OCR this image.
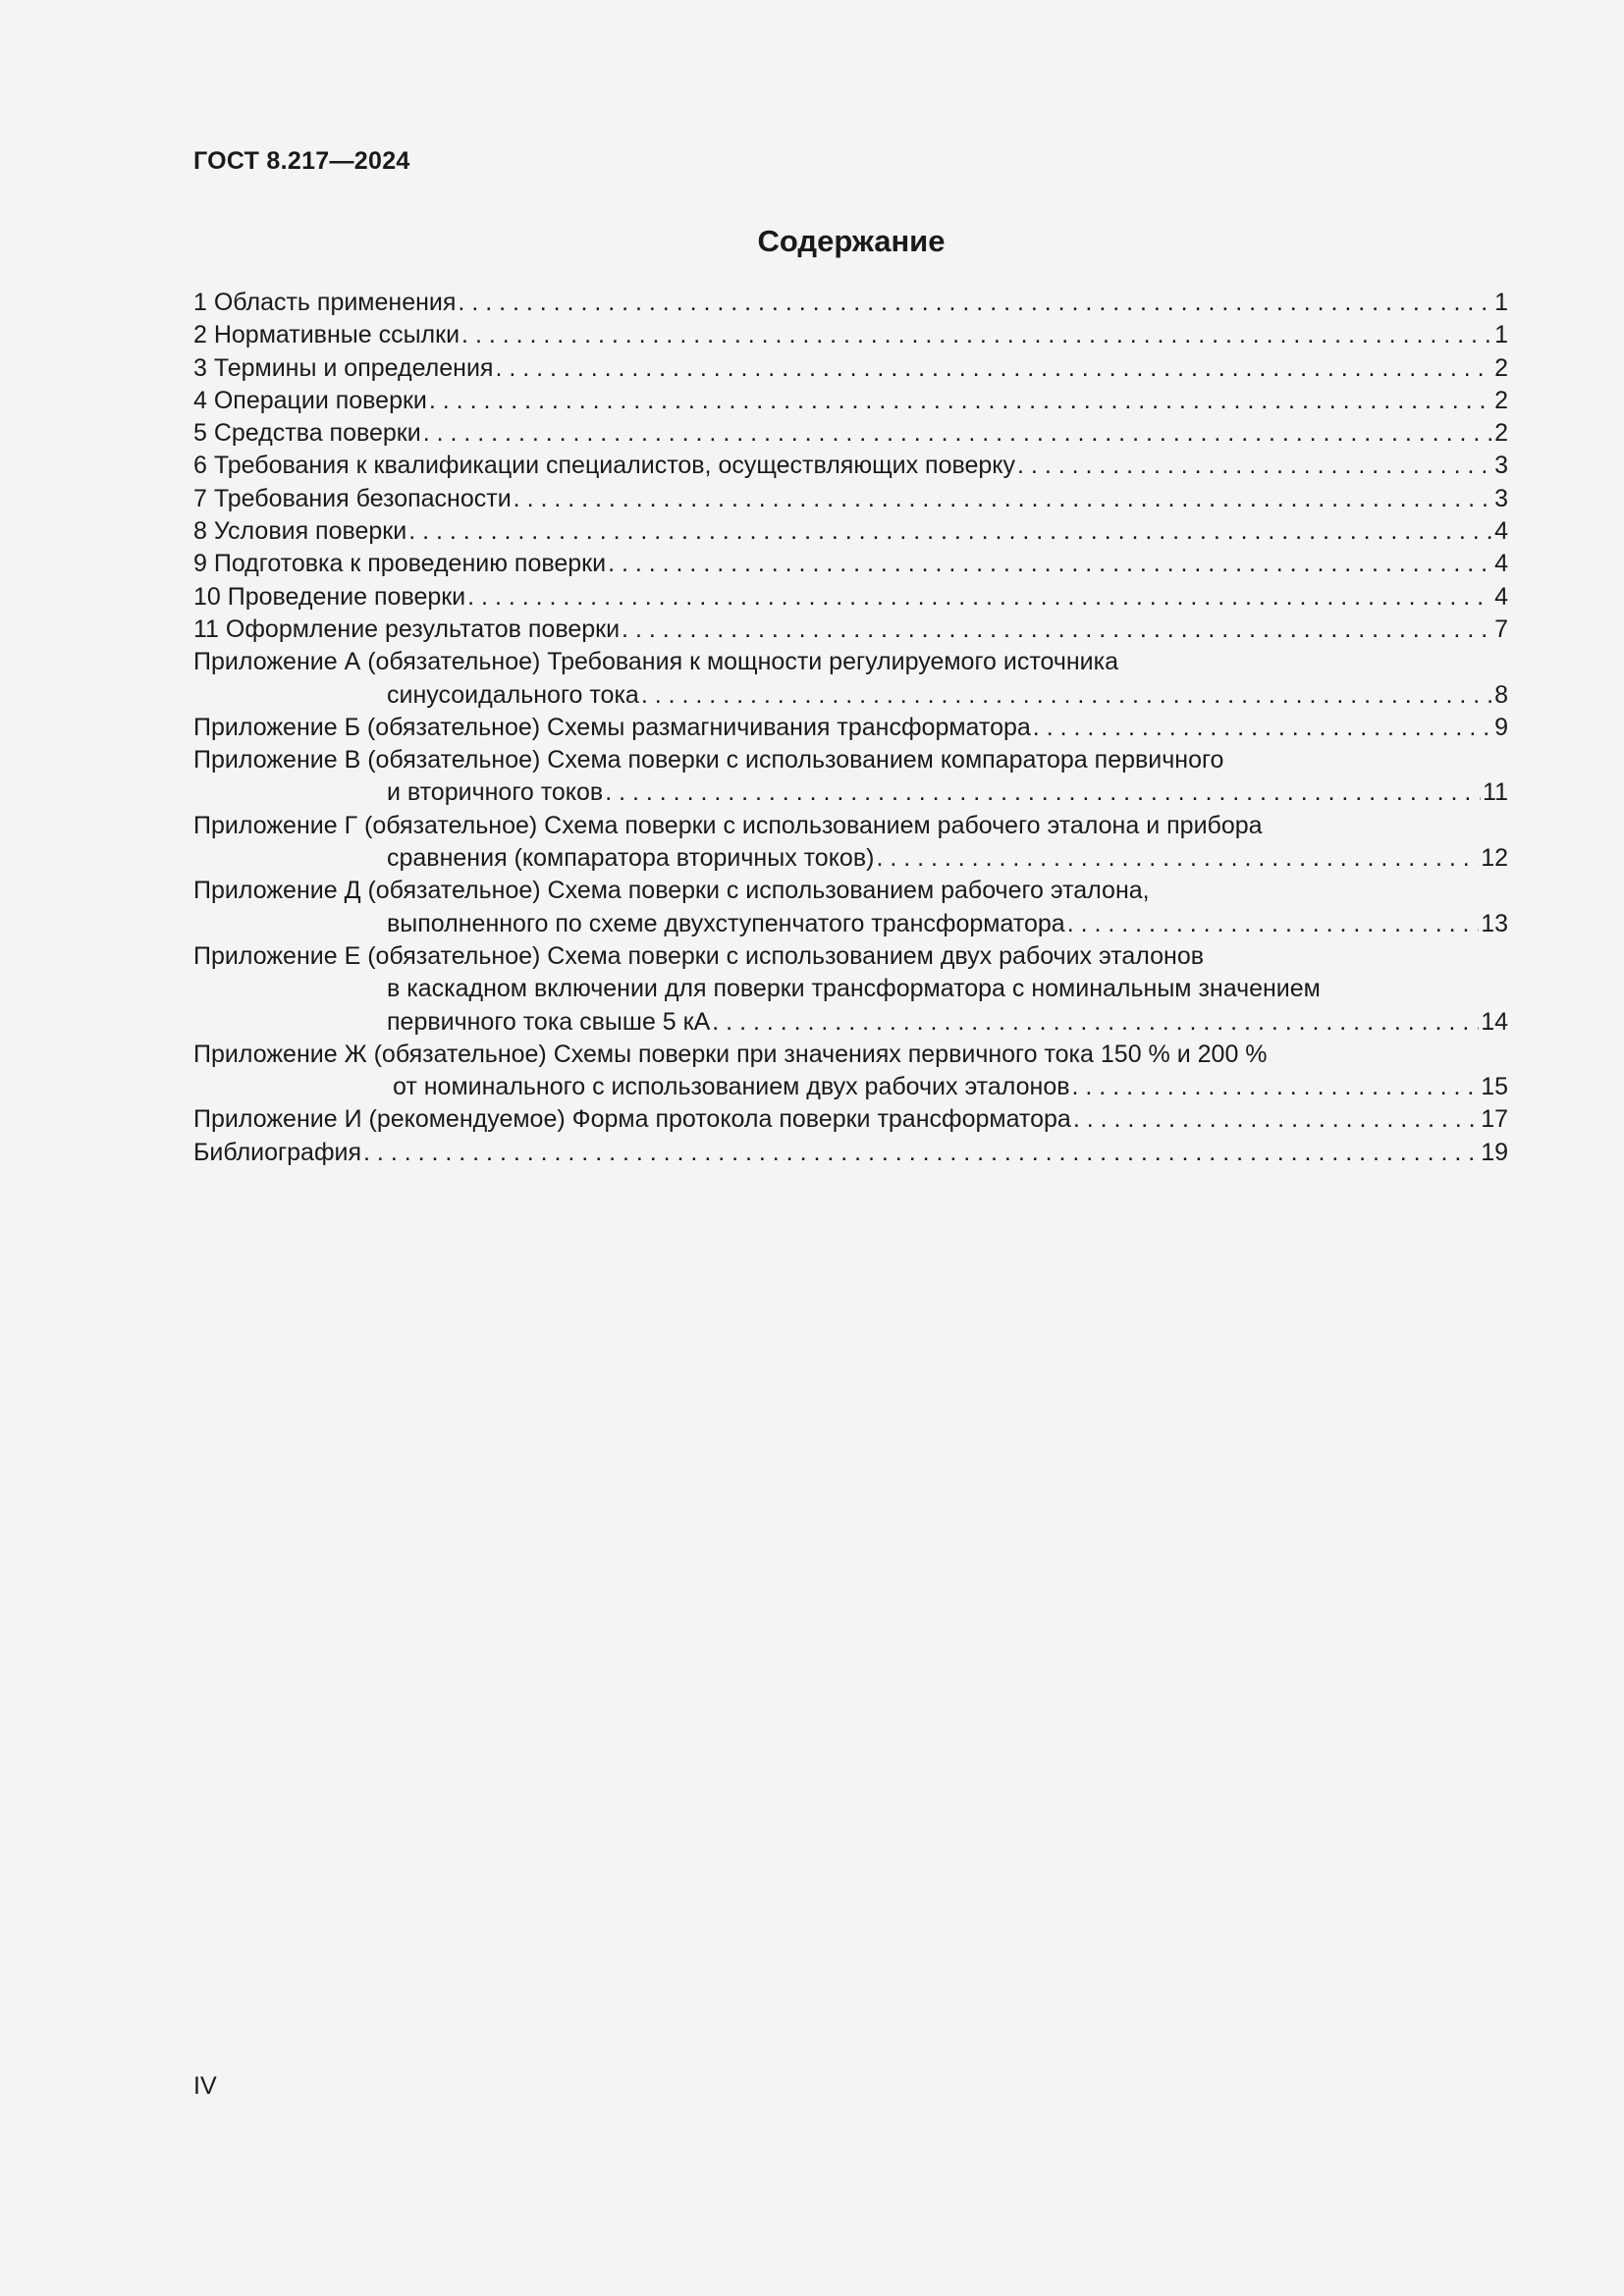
ГОСТ 8.217—2024
Содержание
1 Область применения . . .	1
2 Нормативные ссылки . . .	1
3 Термины и определения . . .	2
4 Операции поверки . . .	2
5 Средства поверки . . .	2
6 Требования к квалификации специалистов, осуществляющих поверку . . .	3
7 Требования безопасности . . .	3
8 Условия поверки . . .	4
9 Подготовка к проведению поверки . . .	4
10 Проведение поверки . . .	4
11 Оформление результатов поверки . . .	7
Приложение А (обязательное) Требования к мощности регулируемого источника
синусоидального тока . . .	8
Приложение Б (обязательное) Схемы размагничивания трансформатора . . .	9
Приложение В (обязательное) Схема поверки с использованием компаратора первичного
и вторичного токов . . .	11
Приложение Г (обязательное) Схема поверки с использованием рабочего эталона и прибора
сравнения (компаратора вторичных токов) . . .	12
Приложение Д (обязательное) Схема поверки с использованием рабочего эталона,
выполненного по схеме двухступенчатого трансформатора . . .	13
Приложение Е (обязательное) Схема поверки с использованием двух рабочих эталонов
в каскадном включении для поверки трансформатора с номинальным значением
первичного тока свыше 5 кА . . .	14
Приложение Ж (обязательное) Схемы поверки при значениях первичного тока 150 % и 200 %
от номинального с использованием двух рабочих эталонов . . .	15
Приложение И (рекомендуемое) Форма протокола поверки трансформатора . . .	17
Библиография . . .	19
IV
